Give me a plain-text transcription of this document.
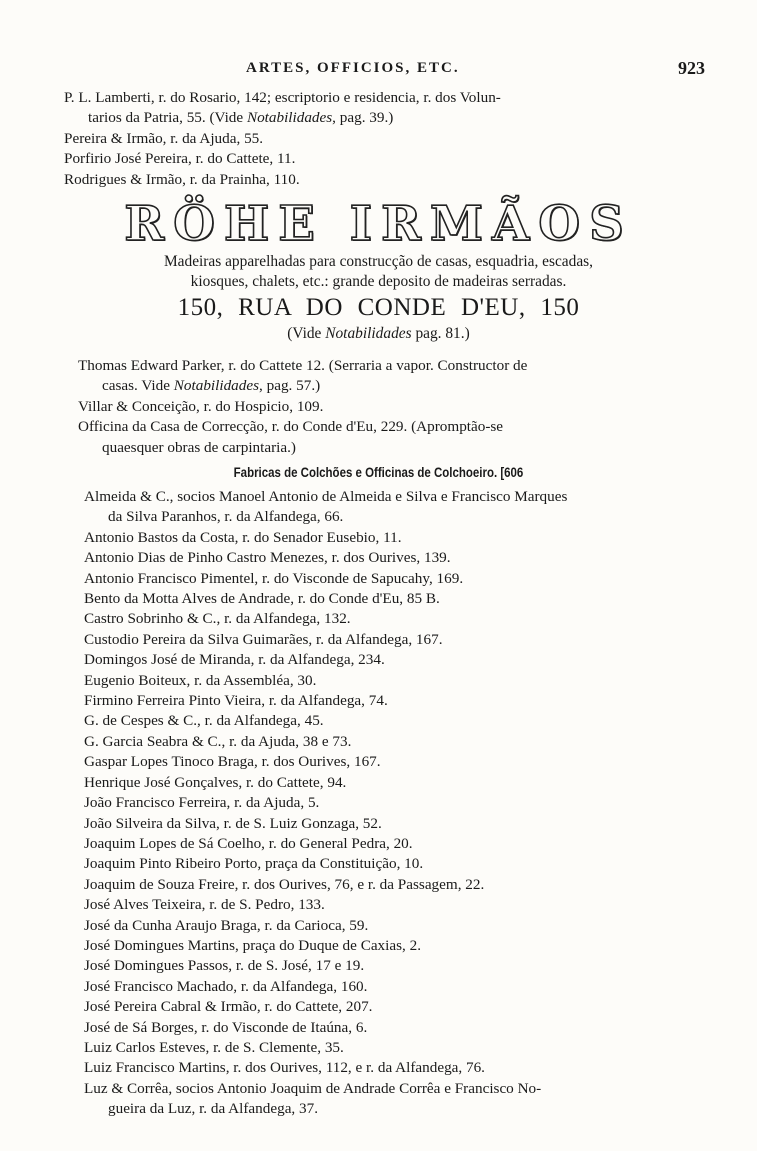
ARTES, OFFICIOS, ETC.	923
P. L. Lamberti, r. do Rosario, 142; escriptorio e residencia, r. dos Volun-
tarios da Patria, 55. (Vide Notabilidades, pag. 39.)
Pereira & Irmão, r. da Ajuda, 55.
Porfirio José Pereira, r. do Cattete, 11.
Rodrigues & Irmão, r. da Prainha, 110.
RÖHE IRMÃOS
Madeiras apparelhadas para construcção de casas, esquadria, escadas,
kiosques, chalets, etc.: grande deposito de madeiras serradas.
150, RUA DO CONDE D'EU, 150
(Vide Notabilidades pag. 81.)
Thomas Edward Parker, r. do Cattete 12. (Serraria a vapor. Constructor de
casas. Vide Notabilidades, pag. 57.)
Villar & Conceição, r. do Hospicio, 109.
Officina da Casa de Correcção, r. do Conde d'Eu, 229. (Apromptão-se
quaesquer obras de carpintaria.)
Fabricas de Colchões e Officinas de Colchoeiro. [606
Almeida & C., socios Manoel Antonio de Almeida e Silva e Francisco Marques
da Silva Paranhos, r. da Alfandega, 66.
Antonio Bastos da Costa, r. do Senador Eusebio, 11.
Antonio Dias de Pinho Castro Menezes, r. dos Ourives, 139.
Antonio Francisco Pimentel, r. do Visconde de Sapucahy, 169.
Bento da Motta Alves de Andrade, r. do Conde d'Eu, 85 B.
Castro Sobrinho & C., r. da Alfandega, 132.
Custodio Pereira da Silva Guimarães, r. da Alfandega, 167.
Domingos José de Miranda, r. da Alfandega, 234.
Eugenio Boiteux, r. da Assembléa, 30.
Firmino Ferreira Pinto Vieira, r. da Alfandega, 74.
G. de Cespes & C., r. da Alfandega, 45.
G. Garcia Seabra & C., r. da Ajuda, 38 e 73.
Gaspar Lopes Tinoco Braga, r. dos Ourives, 167.
Henrique José Gonçalves, r. do Cattete, 94.
João Francisco Ferreira, r. da Ajuda, 5.
João Silveira da Silva, r. de S. Luiz Gonzaga, 52.
Joaquim Lopes de Sá Coelho, r. do General Pedra, 20.
Joaquim Pinto Ribeiro Porto, praça da Constituição, 10.
Joaquim de Souza Freire, r. dos Ourives, 76, e r. da Passagem, 22.
José Alves Teixeira, r. de S. Pedro, 133.
José da Cunha Araujo Braga, r. da Carioca, 59.
José Domingues Martins, praça do Duque de Caxias, 2.
José Domingues Passos, r. de S. José, 17 e 19.
José Francisco Machado, r. da Alfandega, 160.
José Pereira Cabral & Irmão, r. do Cattete, 207.
José de Sá Borges, r. do Visconde de Itaúna, 6.
Luiz Carlos Esteves, r. de S. Clemente, 35.
Luiz Francisco Martins, r. dos Ourives, 112, e r. da Alfandega, 76.
Luz & Corrêa, socios Antonio Joaquim de Andrade Corrêa e Francisco No-
gueira da Luz, r. da Alfandega, 37.
